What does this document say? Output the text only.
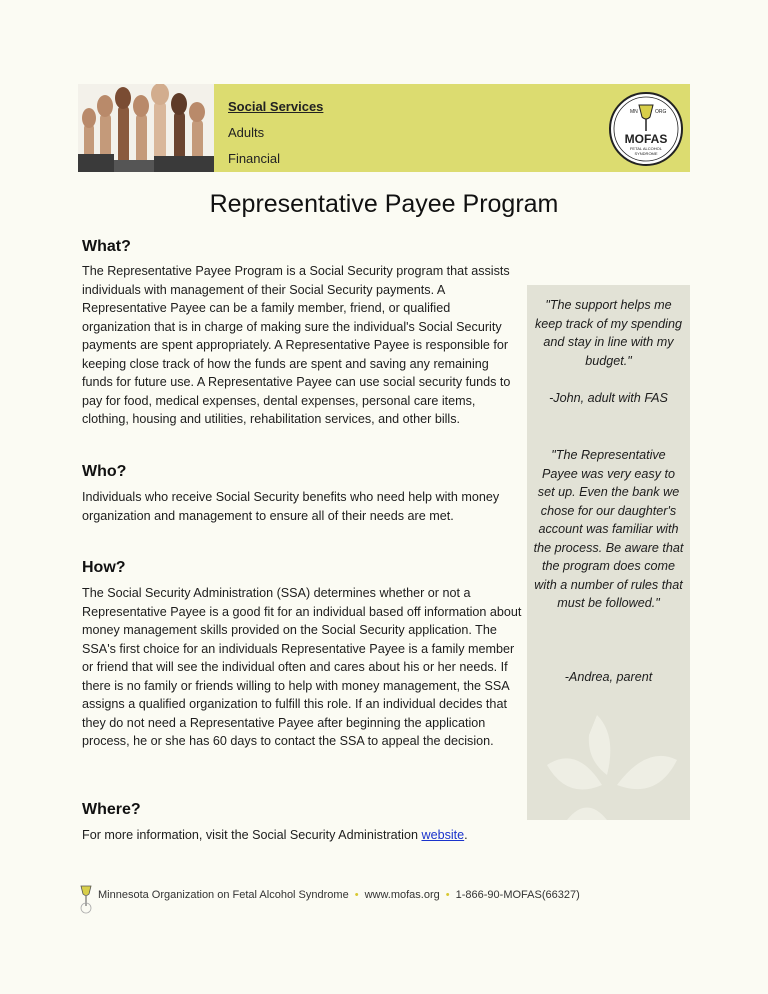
Social Services
Adults
Financial
MN	ORG
MOFAS
FETAL ALCOHOL
SYNDROME
Representative Payee Program
What?

The Representative Payee Program is a Social Security program that assists individuals with management of their Social Security payments. A Representative Payee can be a family member, friend, or qualified organization that is in charge of making sure the individual's Social Security payments are spent appropriately. A Representative Payee is responsible for keeping close track of how the funds are spent and saving any remaining funds for future use. A Representative Payee can use social security funds to pay for food, medical expenses, dental expenses, personal care items, clothing, housing and utilities, rehabilitation services, and other bills.

Who?

Individuals who receive Social Security benefits who need help with money organization and management to ensure all of their needs are met.

How?

The Social Security Administration (SSA) determines whether or not a Representative Payee is a good fit for an individual based off information about money management skills provided on the Social Security application. The SSA's first choice for an individuals Representative Payee is a family member or friend that will see the individual often and cares about his or her needs. If there is no family or friends willing to help with money management, the SSA assigns a qualified organization to fulfill this role. If an individual decides that they do not need a Representative Payee after beginning the application process, he or she has 60 days to contact the SSA to appeal the decision.

Where?

For more information, visit the Social Security Administration website.

"The support helps me keep track of my spending and stay in line with my budget."

-John, adult with FAS

"The Representative Payee was very easy to set up. Even the bank we chose for our daughter's account was familiar with the process. Be aware that the program does come with a number of rules that must be followed."

-Andrea, parent

Minnesota Organization on Fetal Alcohol Syndrome • www.mofas.org • 1-866-90-MOFAS(66327)
